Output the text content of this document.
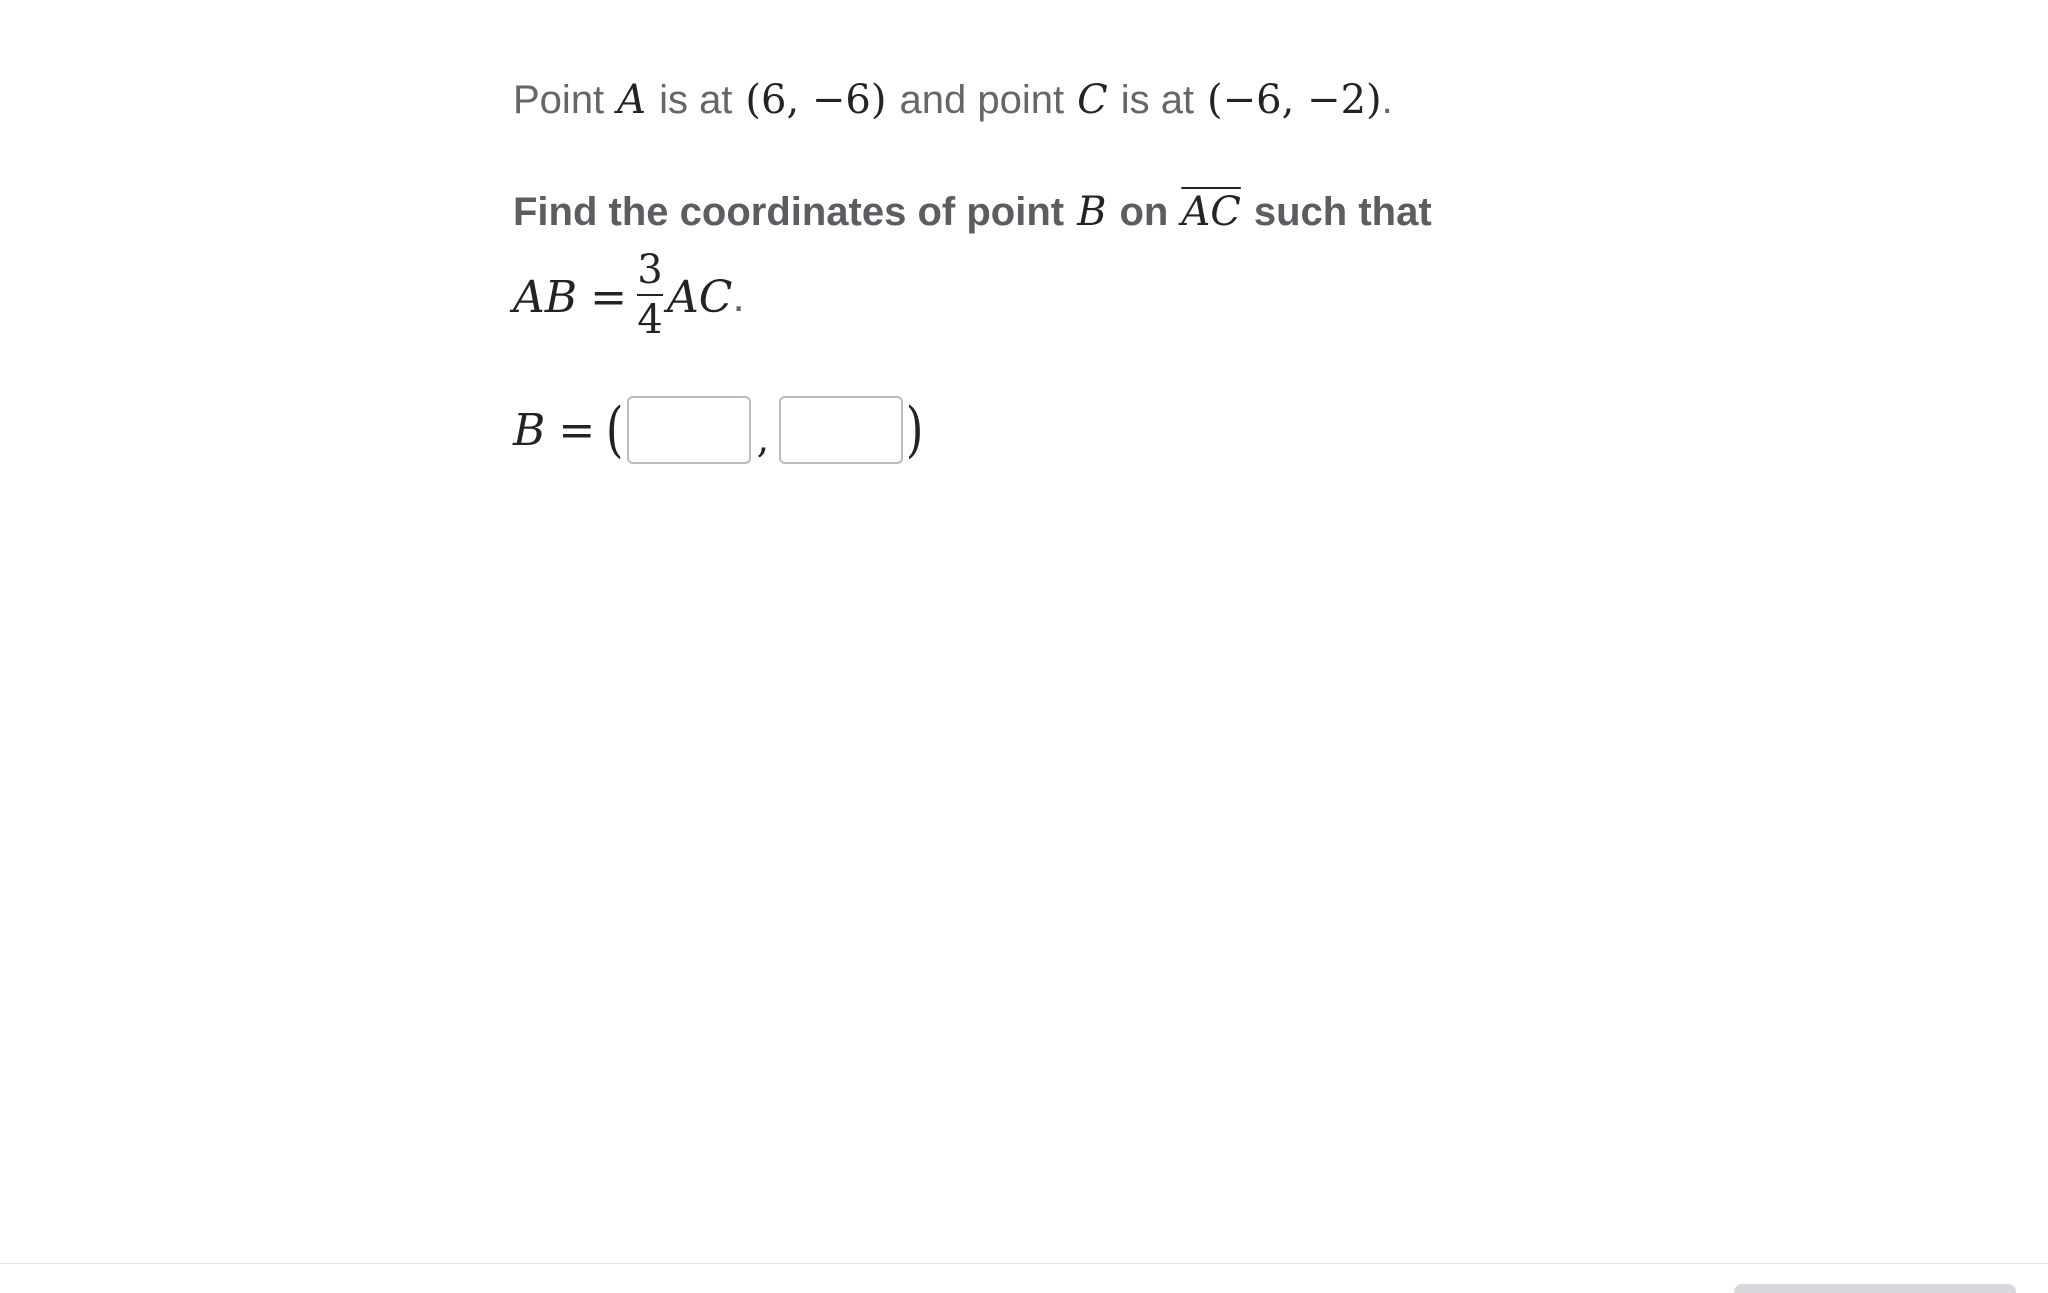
Point A is at (6, −6) and point C is at (−6, −2) .
Find the coordinates of point B on $\overline{AC}$ such that
AB = $\frac{3}{4}$ AC .
B = (	, )
